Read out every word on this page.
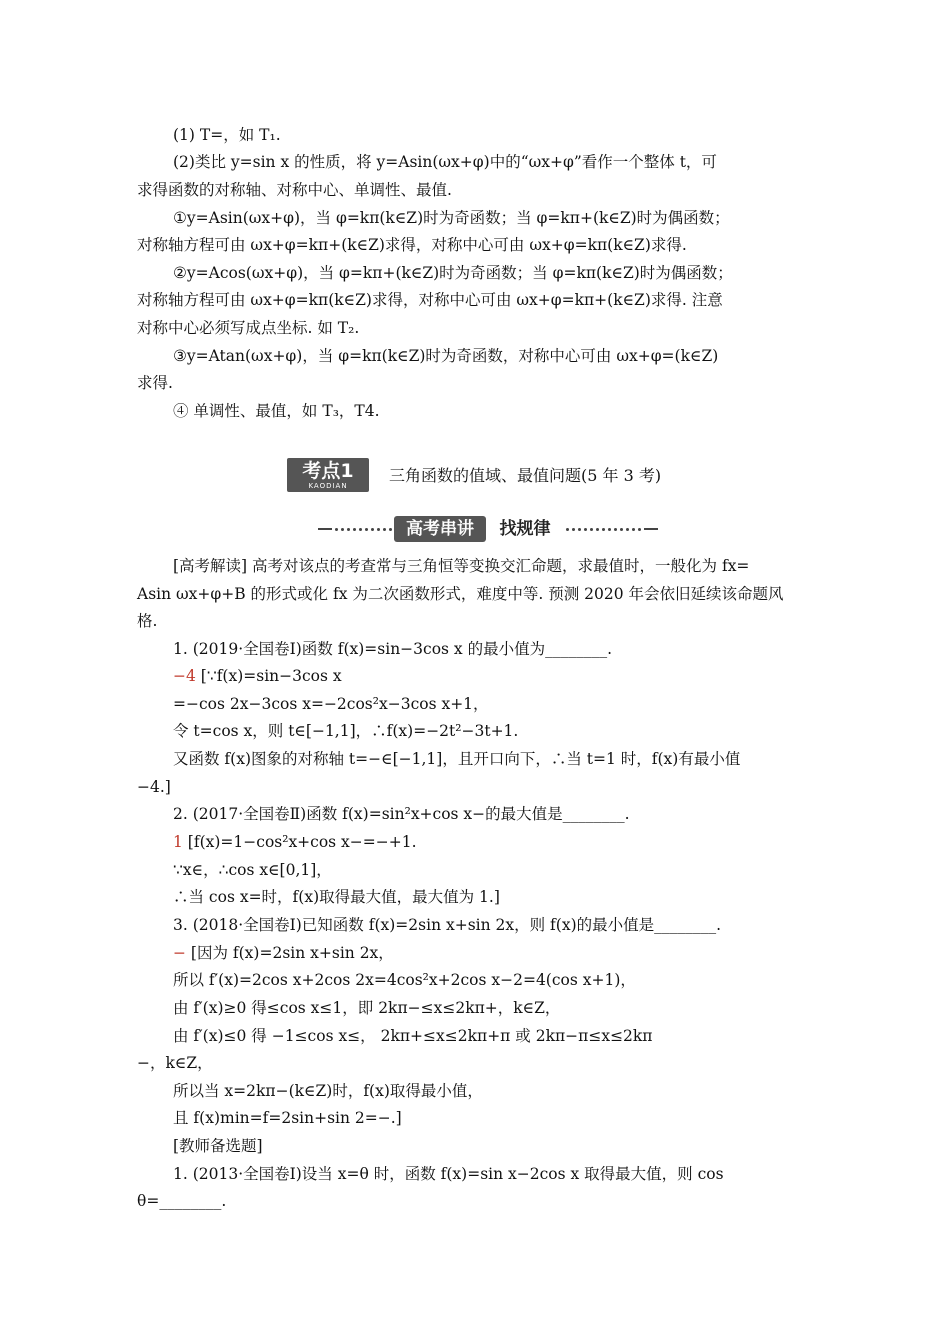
(1) T=，如 T₁.
(2)类比 y=sin x 的性质，将 y=Asin(ωx+φ)中的“ωx+φ”看作一个整体 t，可
求得函数的对称轴、对称中心、单调性、最值.
①y=Asin(ωx+φ)，当 φ=kπ(k∈Z)时为奇函数；当 φ=kπ+(k∈Z)时为偶函数；
对称轴方程可由 ωx+φ=kπ+(k∈Z)求得，对称中心可由 ωx+φ=kπ(k∈Z)求得.
②y=Acos(ωx+φ)，当 φ=kπ+(k∈Z)时为奇函数；当 φ=kπ(k∈Z)时为偶函数；
对称轴方程可由 ωx+φ=kπ(k∈Z)求得，对称中心可由 ωx+φ=kπ+(k∈Z)求得. 注意
对称中心必须写成点坐标. 如 T₂.
③y=Atan(ωx+φ)，当 φ=kπ(k∈Z)时为奇函数，对称中心可由 ωx+φ=(k∈Z)
求得.
④ 单调性、最值，如 T₃，T4.
考点1
KAODIAN
三角函数的值域、最值问题(5 年 3 考)
高考串讲	找规律
[高考解读] 高考对该点的考查常与三角恒等变换交汇命题，求最值时，一般化为 fx=
Asin ωx+φ+B 的形式或化 fx 为二次函数形式，难度中等. 预测 2020 年会依旧延续该命题风
格.
1. (2019·全国卷Ⅰ)函数 f(x)=sin−3cos x 的最小值为________.
−4 [∵f(x)=sin−3cos x
=−cos 2x−3cos x=−2cos²x−3cos x+1，
令 t=cos x，则 t∈[−1,1]，∴f(x)=−2t²−3t+1.
又函数 f(x)图象的对称轴 t=−∈[−1,1]，且开口向下，∴当 t=1 时，f(x)有最小值
−4.]
2. (2017·全国卷Ⅱ)函数 f(x)=sin²x+cos x−的最大值是________.
1 [f(x)=1−cos²x+cos x−=−+1.
∵x∈，∴cos x∈[0,1]，
∴当 cos x=时，f(x)取得最大值，最大值为 1.]
3. (2018·全国卷Ⅰ)已知函数 f(x)=2sin x+sin 2x，则 f(x)的最小值是________.
− [因为 f(x)=2sin x+sin 2x，
所以 f′(x)=2cos x+2cos 2x=4cos²x+2cos x−2=4(cos x+1)，
由 f′(x)≥0 得≤cos x≤1，即 2kπ−≤x≤2kπ+，k∈Z，
由 f′(x)≤0 得 −1≤cos x≤， 2kπ+≤x≤2kπ+π 或 2kπ−π≤x≤2kπ
−，k∈Z，
所以当 x=2kπ−(k∈Z)时，f(x)取得最小值，
且 f(x)min=f=2sin+sin 2=−.]
[教师备选题]
1. (2013·全国卷Ⅰ)设当 x=θ 时，函数 f(x)=sin x−2cos x 取得最大值，则 cos
θ=________.
